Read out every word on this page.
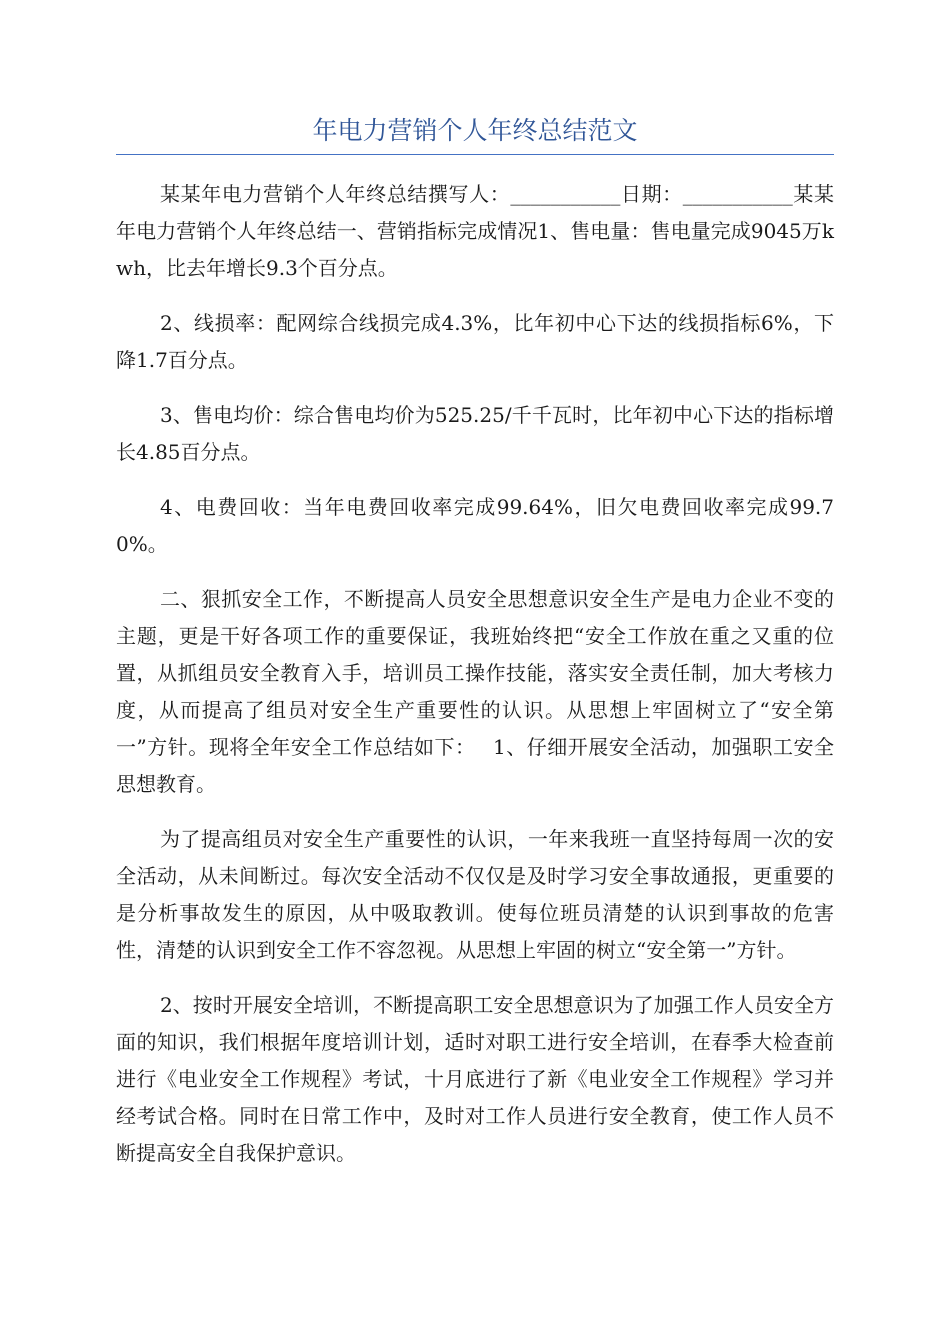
年电力营销个人年终总结范文

某某年电力营销个人年终总结撰写人：___________日期：___________某某年电力营销个人年终总结一、营销指标完成情况1、售电量：售电量完成9045万kwh，比去年增长9.3个百分点。

2、线损率：配网综合线损完成4.3%，比年初中心下达的线损指标6%，下降1.7百分点。

3、售电均价：综合售电均价为525.25/千千瓦时，比年初中心下达的指标增长4.85百分点。

4、电费回收：当年电费回收率完成99.64%，旧欠电费回收率完成99.70%。

二、狠抓安全工作，不断提高人员安全思想意识安全生产是电力企业不变的主题，更是干好各项工作的重要保证，我班始终把“安全工作放在重之又重的位置，从抓组员安全教育入手，培训员工操作技能，落实安全责任制，加大考核力度，从而提高了组员对安全生产重要性的认识。从思想上牢固树立了“安全第一”方针。现将全年安全工作总结如下：　 1、仔细开展安全活动，加强职工安全思想教育。

为了提高组员对安全生产重要性的认识，一年来我班一直坚持每周一次的安全活动，从未间断过。每次安全活动不仅仅是及时学习安全事故通报，更重要的是分析事故发生的原因，从中吸取教训。使每位班员清楚的认识到事故的危害性，清楚的认识到安全工作不容忽视。从思想上牢固的树立“安全第一”方针。

2、按时开展安全培训，不断提高职工安全思想意识为了加强工作人员安全方面的知识，我们根据年度培训计划，适时对职工进行安全培训，在春季大检查前进行《电业安全工作规程》考试，十月底进行了新《电业安全工作规程》学习并经考试合格。同时在日常工作中，及时对工作人员进行安全教育，使工作人员不断提高安全自我保护意识。
